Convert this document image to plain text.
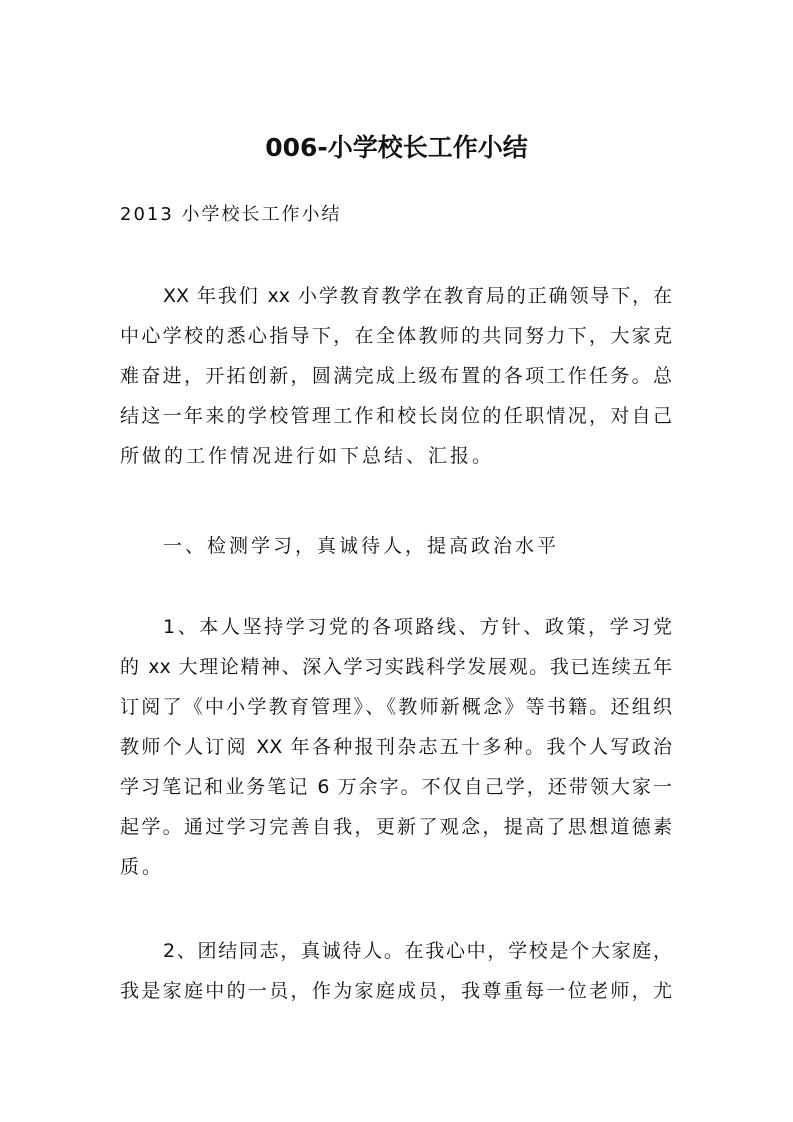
006-小学校长工作小结
2013 小学校长工作小结
XX 年我们 xx 小学教育教学在教育局的正确领导下，在
中心学校的悉心指导下，在全体教师的共同努力下，大家克
难奋进，开拓创新，圆满完成上级布置的各项工作任务。总
结这一年来的学校管理工作和校长岗位的任职情况，对自己
所做的工作情况进行如下总结、汇报。
一、检测学习，真诚待人，提高政治水平
1、本人坚持学习党的各项路线、方针、政策，学习党
的 xx 大理论精神、深入学习实践科学发展观。我已连续五年
订阅了《中小学教育管理》、《教师新概念》等书籍。还组织
教师个人订阅 XX 年各种报刊杂志五十多种。我个人写政治
学习笔记和业务笔记 6 万余字。不仅自己学，还带领大家一
起学。通过学习完善自我，更新了观念，提高了思想道德素
质。
2、团结同志，真诚待人。在我心中，学校是个大家庭，
我是家庭中的一员，作为家庭成员，我尊重每一位老师，尤
